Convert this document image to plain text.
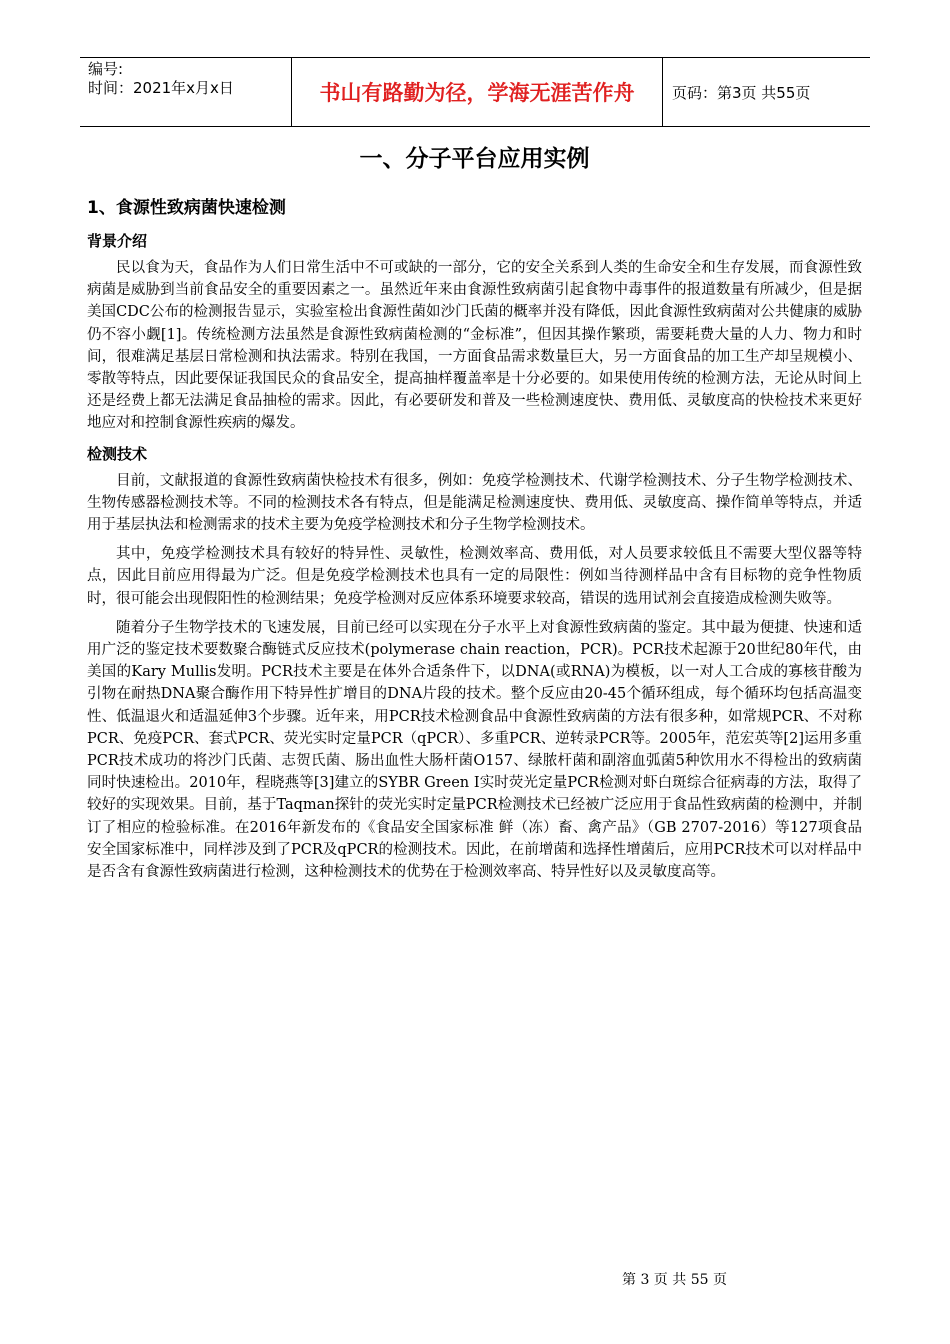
编号:
时间：2021年x月x日	书山有路勤为径，学海无涯苦作舟	页码：第3页 共55页
一、分子平台应用实例
1、食源性致病菌快速检测
背景介绍

民以食为天，食品作为人们日常生活中不可或缺的一部分，它的安全关系到人类的生命安全和生存发展，而食源性致病菌是威胁到当前食品安全的重要因素之一。虽然近年来由食源性致病菌引起食物中毒事件的报道数量有所减少，但是据美国CDC公布的检测报告显示，实验室检出食源性菌如沙门氏菌的概率并没有降低，因此食源性致病菌对公共健康的威胁仍不容小觑[1]。传统检测方法虽然是食源性致病菌检测的“金标准”，但因其操作繁琐，需要耗费大量的人力、物力和时间，很难满足基层日常检测和执法需求。特别在我国，一方面食品需求数量巨大，另一方面食品的加工生产却呈规模小、零散等特点，因此要保证我国民众的食品安全，提高抽样覆盖率是十分必要的。如果使用传统的检测方法，无论从时间上还是经费上都无法满足食品抽检的需求。因此，有必要研发和普及一些检测速度快、费用低、灵敏度高的快检技术来更好地应对和控制食源性疾病的爆发。

检测技术

目前，文献报道的食源性致病菌快检技术有很多，例如：免疫学检测技术、代谢学检测技术、分子生物学检测技术、生物传感器检测技术等。不同的检测技术各有特点，但是能满足检测速度快、费用低、灵敏度高、操作简单等特点，并适用于基层执法和检测需求的技术主要为免疫学检测技术和分子生物学检测技术。

其中，免疫学检测技术具有较好的特异性、灵敏性，检测效率高、费用低，对人员要求较低且不需要大型仪器等特点，因此目前应用得最为广泛。但是免疫学检测技术也具有一定的局限性：例如当待测样品中含有目标物的竞争性物质时，很可能会出现假阳性的检测结果；免疫学检测对反应体系环境要求较高，错误的选用试剂会直接造成检测失败等。

随着分子生物学技术的飞速发展，目前已经可以实现在分子水平上对食源性致病菌的鉴定。其中最为便捷、快速和适用广泛的鉴定技术要数聚合酶链式反应技术(polymerase chain reaction，PCR)。PCR技术起源于20世纪80年代，由美国的Kary Mullis发明。PCR技术主要是在体外合适条件下，以DNA(或RNA)为模板，以一对人工合成的寡核苷酸为引物在耐热DNA聚合酶作用下特异性扩增目的DNA片段的技术。整个反应由20-45个循环组成，每个循环均包括高温变性、低温退火和适温延伸3个步骤。近年来，用PCR技术检测食品中食源性致病菌的方法有很多种，如常规PCR、不对称PCR、免疫PCR、套式PCR、荧光实时定量PCR（qPCR）、多重PCR、逆转录PCR等。2005年，范宏英等[2]运用多重PCR技术成功的将沙门氏菌、志贺氏菌、肠出血性大肠杆菌O157、绿脓杆菌和副溶血弧菌5种饮用水不得检出的致病菌同时快速检出。2010年，程晓燕等[3]建立的SYBR Green I实时荧光定量PCR检测对虾白斑综合征病毒的方法，取得了较好的实现效果。目前，基于Taqman探针的荧光实时定量PCR检测技术已经被广泛应用于食品性致病菌的检测中，并制订了相应的检验标准。在2016年新发布的《食品安全国家标准 鲜（冻）畜、禽产品》（GB 2707-2016）等127项食品安全国家标准中，同样涉及到了PCR及qPCR的检测技术。因此，在前增菌和选择性增菌后，应用PCR技术可以对样品中是否含有食源性致病菌进行检测，这种检测技术的优势在于检测效率高、特异性好以及灵敏度高等。

第 3 页 共 55 页
